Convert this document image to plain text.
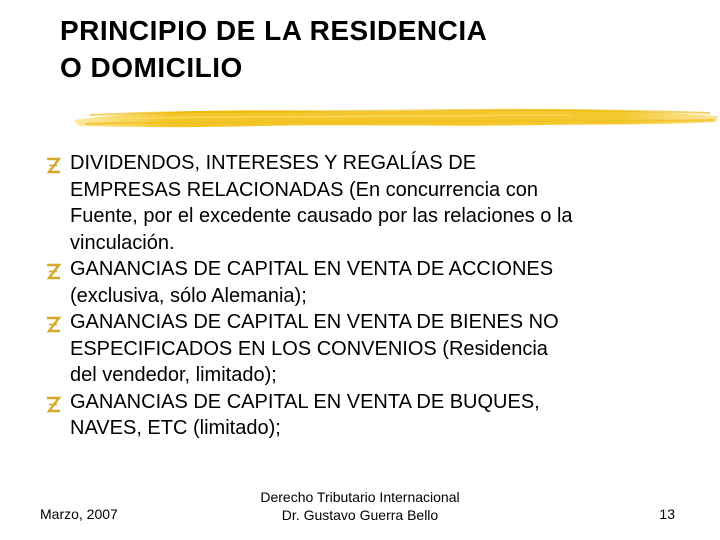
PRINCIPIO DE LA RESIDENCIA
O DOMICILIO
DIVIDENDOS, INTERESES Y REGALÍAS DE
EMPRESAS RELACIONADAS (En concurrencia con
Fuente, por el excedente causado por las relaciones o la
vinculación.
GANANCIAS DE CAPITAL EN VENTA DE ACCIONES
(exclusiva, sólo Alemania);
GANANCIAS DE CAPITAL EN VENTA DE BIENES NO
ESPECIFICADOS EN LOS CONVENIOS (Residencia
del vendedor, limitado);
GANANCIAS DE CAPITAL EN VENTA DE BUQUES,
NAVES, ETC (limitado);
Marzo, 2007
Derecho Tributario Internacional
Dr. Gustavo Guerra Bello	13
